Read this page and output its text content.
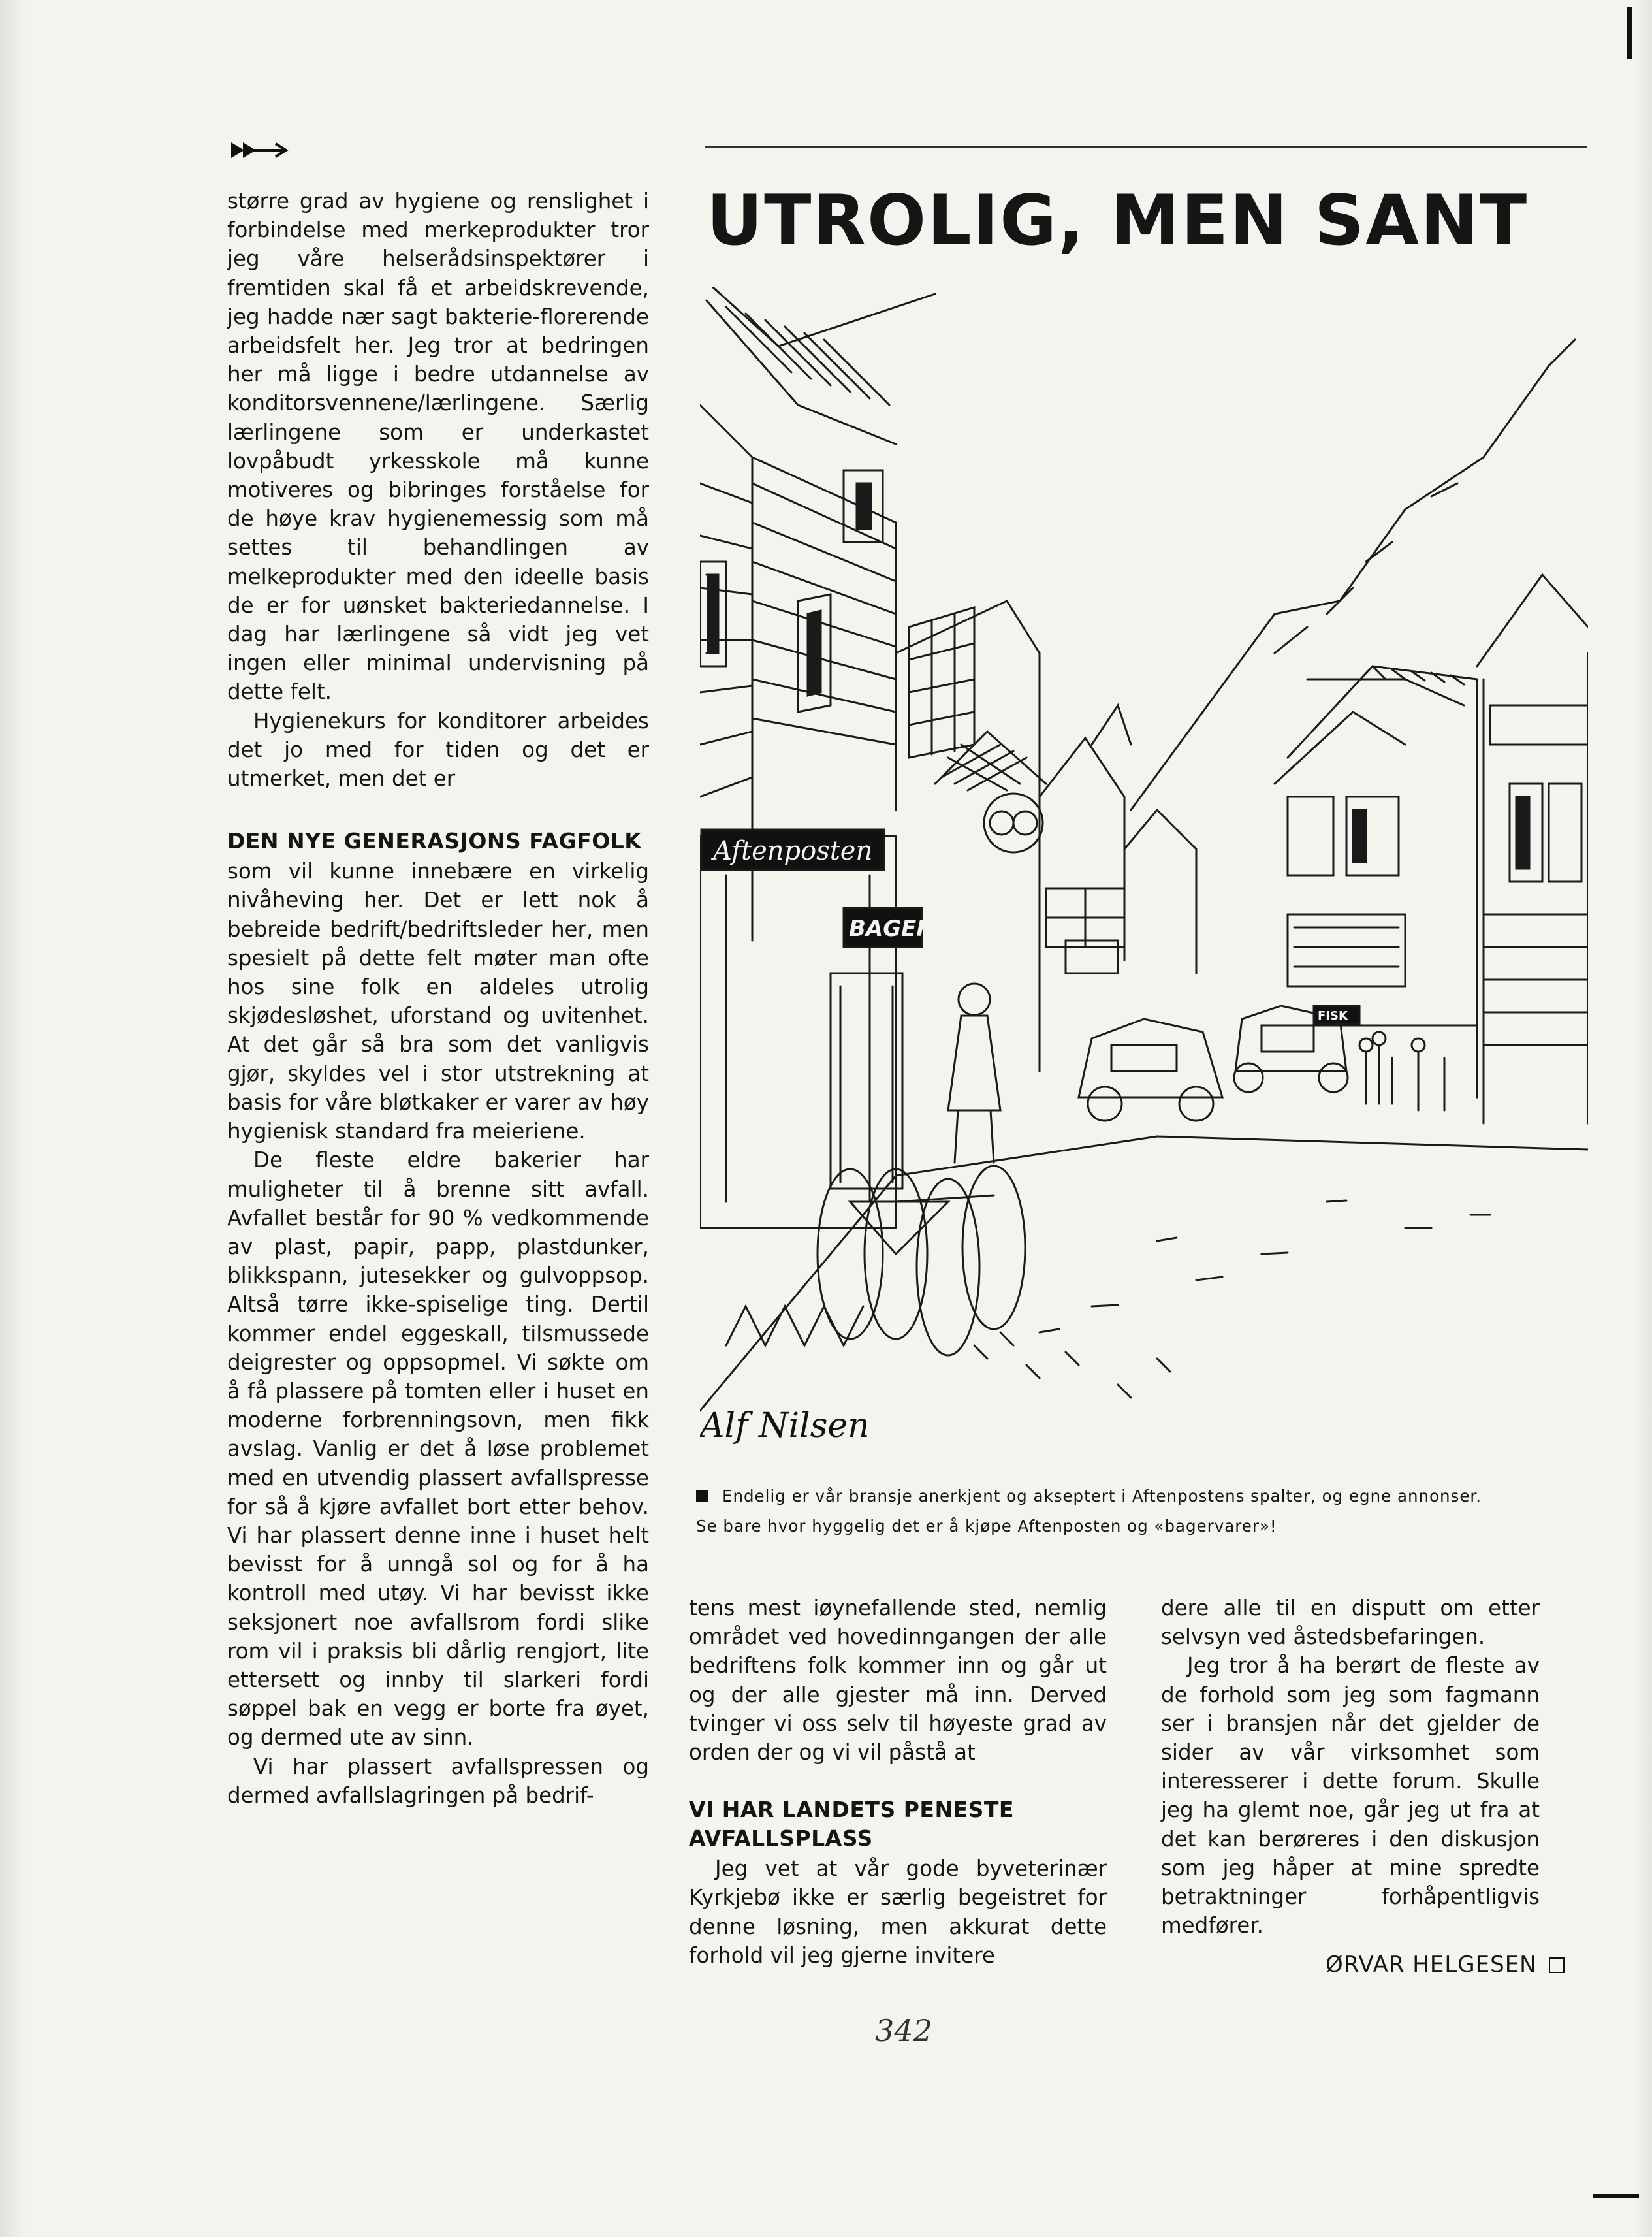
større grad av hygiene og renslighet i forbindelse med merkeprodukter tror jeg våre helserådsinspektører i fremtiden skal få et arbeidskrevende, jeg hadde nær sagt bakterie-florerende arbeidsfelt her. Jeg tror at bedringen her må ligge i bedre utdannelse av konditorsvennene/lærlingene. Særlig lærlingene som er underkastet lovpåbudt yrkesskole må kunne motiveres og bibringes forståelse for de høye krav hygienemessig som må settes til behandlingen av melkeprodukter med den ideelle basis de er for uønsket bakteriedannelse. I dag har lærlingene så vidt jeg vet ingen eller minimal undervisning på dette felt.

Hygienekurs for konditorer arbeides det jo med for tiden og det er utmerket, men det er

DEN NYE GENERASJONS FAGFOLK

som vil kunne innebære en virkelig nivåheving her. Det er lett nok å bebreide bedrift/bedriftsleder her, men spesielt på dette felt møter man ofte hos sine folk en aldeles utrolig skjødesløshet, uforstand og uvitenhet. At det går så bra som det vanligvis gjør, skyldes vel i stor utstrekning at basis for våre bløtkaker er varer av høy hygienisk standard fra meieriene.

De fleste eldre bakerier har muligheter til å brenne sitt avfall. Avfallet består for 90 % vedkommende av plast, papir, papp, plastdunker, blikkspann, jutesekker og gulvoppsop. Altså tørre ikke-spiselige ting. Dertil kommer endel eggeskall, tilsmussede deigrester og oppsopmel. Vi søkte om å få plassere på tomten eller i huset en moderne forbrenningsovn, men fikk avslag. Vanlig er det å løse problemet med en utvendig plassert avfallspresse for så å kjøre avfallet bort etter behov. Vi har plassert denne inne i huset helt bevisst for å unngå sol og for å ha kontroll med utøy. Vi har bevisst ikke seksjonert noe avfallsrom fordi slike rom vil i praksis bli dårlig rengjort, lite ettersett og innby til slarkeri fordi søppel bak en vegg er borte fra øyet, og dermed ute av sinn.

Vi har plassert avfallspressen og dermed avfallslagringen på bedrif-

UTROLIG, MEN SANT
Aftenposten
BAGERI
FISK
Alf Nilsen

Endelig er vår bransje anerkjent og akseptert i Aftenpostens spalter, og egne annonser.

Se bare hvor hyggelig det er å kjøpe Aftenposten og «bagervarer»!

tens mest iøynefallende sted, nemlig området ved hovedinngangen der alle bedriftens folk kommer inn og går ut og der alle gjester må inn. Derved tvinger vi oss selv til høyeste grad av orden der og vi vil påstå at

VI HAR LANDETS PENESTE AVFALLSPLASS

Jeg vet at vår gode byveterinær Kyrkjebø ikke er særlig begeistret for denne løsning, men akkurat dette forhold vil jeg gjerne invitere

dere alle til en disputt om etter selvsyn ved åstedsbefaringen.

Jeg tror å ha berørt de fleste av de forhold som jeg som fagmann ser i bransjen når det gjelder de sider av vår virksomhet som interesserer i dette forum. Skulle jeg ha glemt noe, går jeg ut fra at det kan berøreres i den diskusjon som jeg håper at mine spredte betraktninger forhåpentligvis medfører.

ØRVAR HELGESEN
342
